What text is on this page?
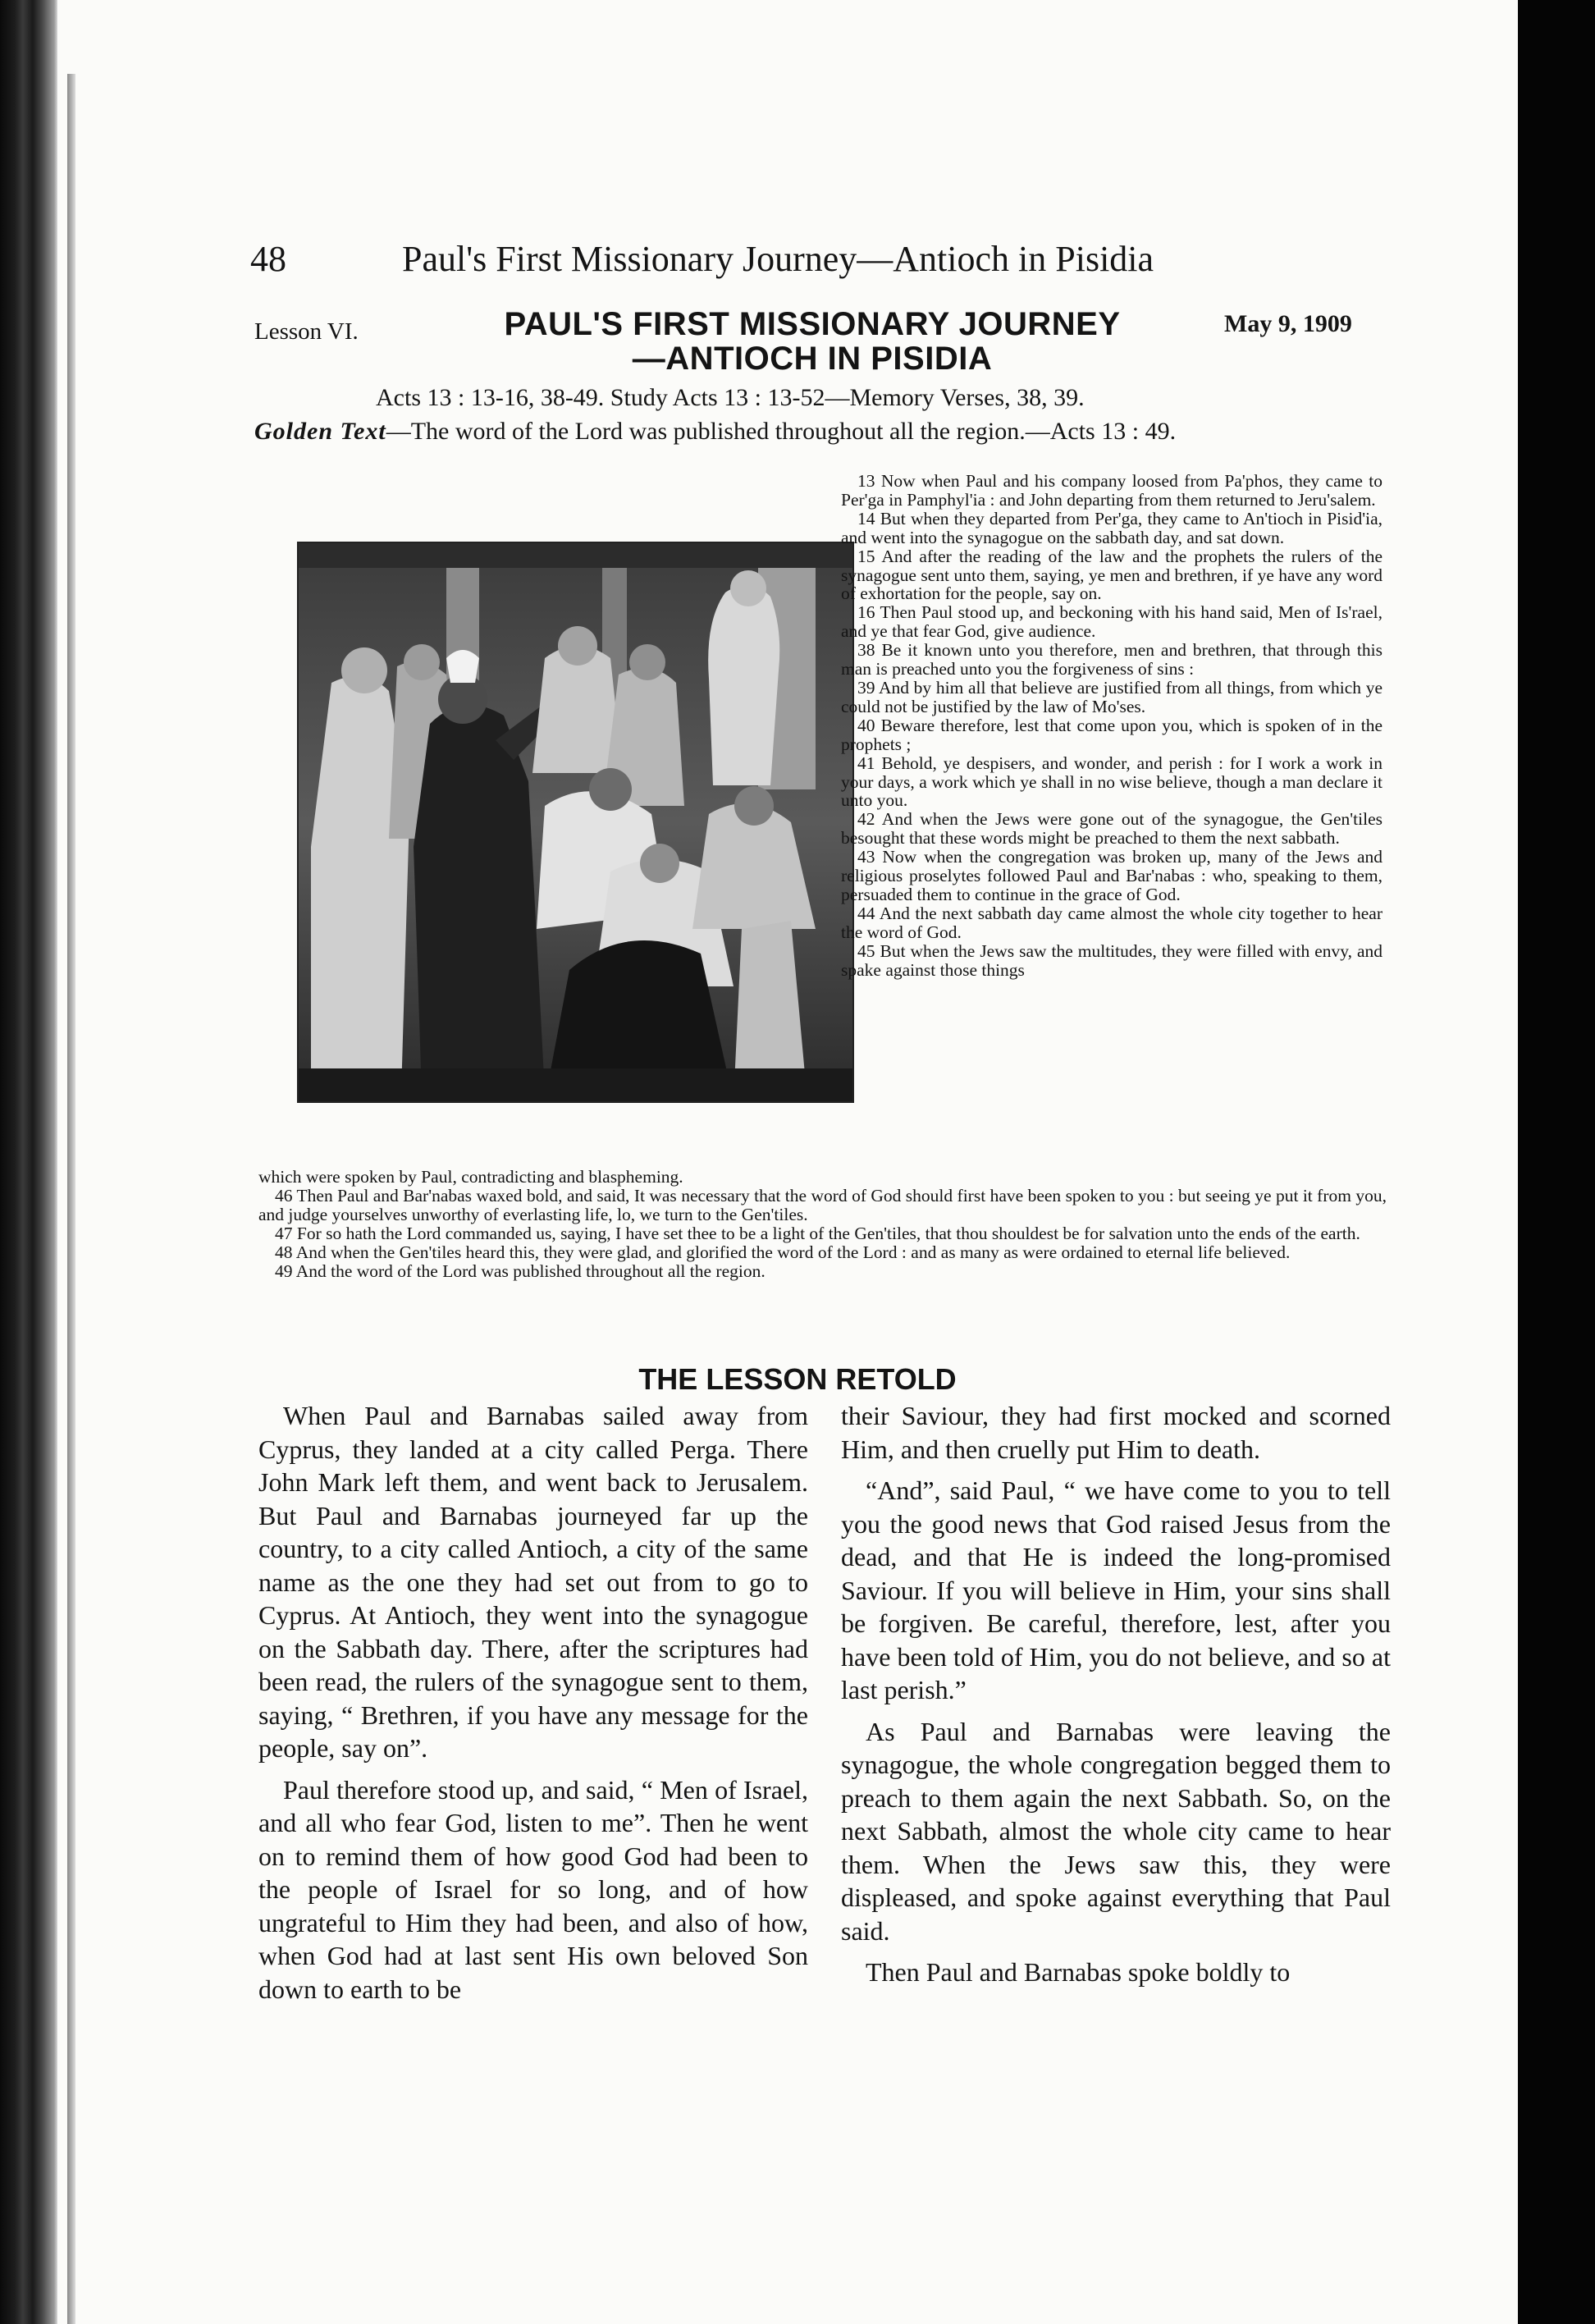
48	Paul's First Missionary Journey—Antioch in Pisidia
Lesson VI.	PAUL'S FIRST MISSIONARY JOURNEY
—ANTIOCH IN PISIDIA
May 9, 1909
Acts 13 : 13-16, 38-49. Study Acts 13 : 13-52—Memory Verses, 38, 39.
Golden Text—The word of the Lord was published throughout all the region.—Acts 13 : 49.

13 Now when Paul and his company loosed from Pa'phos, they came to Per'ga in Pamphyl'ia : and John departing from them returned to Jeru'salem.

14 But when they departed from Per'ga, they came to An'tioch in Pisid'ia, and went into the synagogue on the sabbath day, and sat down.

15 And after the reading of the law and the prophets the rulers of the synagogue sent unto them, saying, ye men and brethren, if ye have any word of exhortation for the people, say on.

16 Then Paul stood up, and beckoning with his hand said, Men of Is'rael, and ye that fear God, give audience.

38 Be it known unto you therefore, men and brethren, that through this man is preached unto you the forgiveness of sins :

39 And by him all that believe are justified from all things, from which ye could not be justified by the law of Mo'ses.

40 Beware therefore, lest that come upon you, which is spoken of in the prophets ;

41 Behold, ye despisers, and wonder, and perish : for I work a work in your days, a work which ye shall in no wise believe, though a man declare it unto you.

42 And when the Jews were gone out of the synagogue, the Gen'tiles besought that these words might be preached to them the next sabbath.

43 Now when the congregation was broken up, many of the Jews and religious proselytes followed Paul and Bar'nabas : who, speaking to them, persuaded them to continue in the grace of God.

44 And the next sabbath day came almost the whole city together to hear the word of God.

45 But when the Jews saw the multitudes, they were filled with envy, and spake against those things

which were spoken by Paul, contradicting and blaspheming.

46 Then Paul and Bar'nabas waxed bold, and said, It was necessary that the word of God should first have been spoken to you : but seeing ye put it from you, and judge yourselves unworthy of everlasting life, lo, we turn to the Gen'tiles.

47 For so hath the Lord commanded us, saying, I have set thee to be a light of the Gen'tiles, that thou shouldest be for salvation unto the ends of the earth.

48 And when the Gen'tiles heard this, they were glad, and glorified the word of the Lord : and as many as were ordained to eternal life believed.

49 And the word of the Lord was published throughout all the region.

THE LESSON RETOLD

When Paul and Barnabas sailed away from Cyprus, they landed at a city called Perga. There John Mark left them, and went back to Jerusalem. But Paul and Barnabas journeyed far up the country, to a city called Antioch, a city of the same name as the one they had set out from to go to Cyprus. At Antioch, they went into the synagogue on the Sabbath day. There, after the scriptures had been read, the rulers of the synagogue sent to them, saying, “ Brethren, if you have any message for the people, say on”.

Paul therefore stood up, and said, “ Men of Israel, and all who fear God, listen to me”. Then he went on to remind them of how good God had been to the people of Israel for so long, and of how ungrateful to Him they had been, and also of how, when God had at last sent His own beloved Son down to earth to be

their Saviour, they had first mocked and scorned Him, and then cruelly put Him to death.

“And”, said Paul, “ we have come to you to tell you the good news that God raised Jesus from the dead, and that He is indeed the long-promised Saviour. If you will believe in Him, your sins shall be forgiven. Be careful, therefore, lest, after you have been told of Him, you do not believe, and so at last perish.”

As Paul and Barnabas were leaving the synagogue, the whole congregation begged them to preach to them again the next Sabbath. So, on the next Sabbath, almost the whole city came to hear them. When the Jews saw this, they were displeased, and spoke against everything that Paul said.

Then Paul and Barnabas spoke boldly to
